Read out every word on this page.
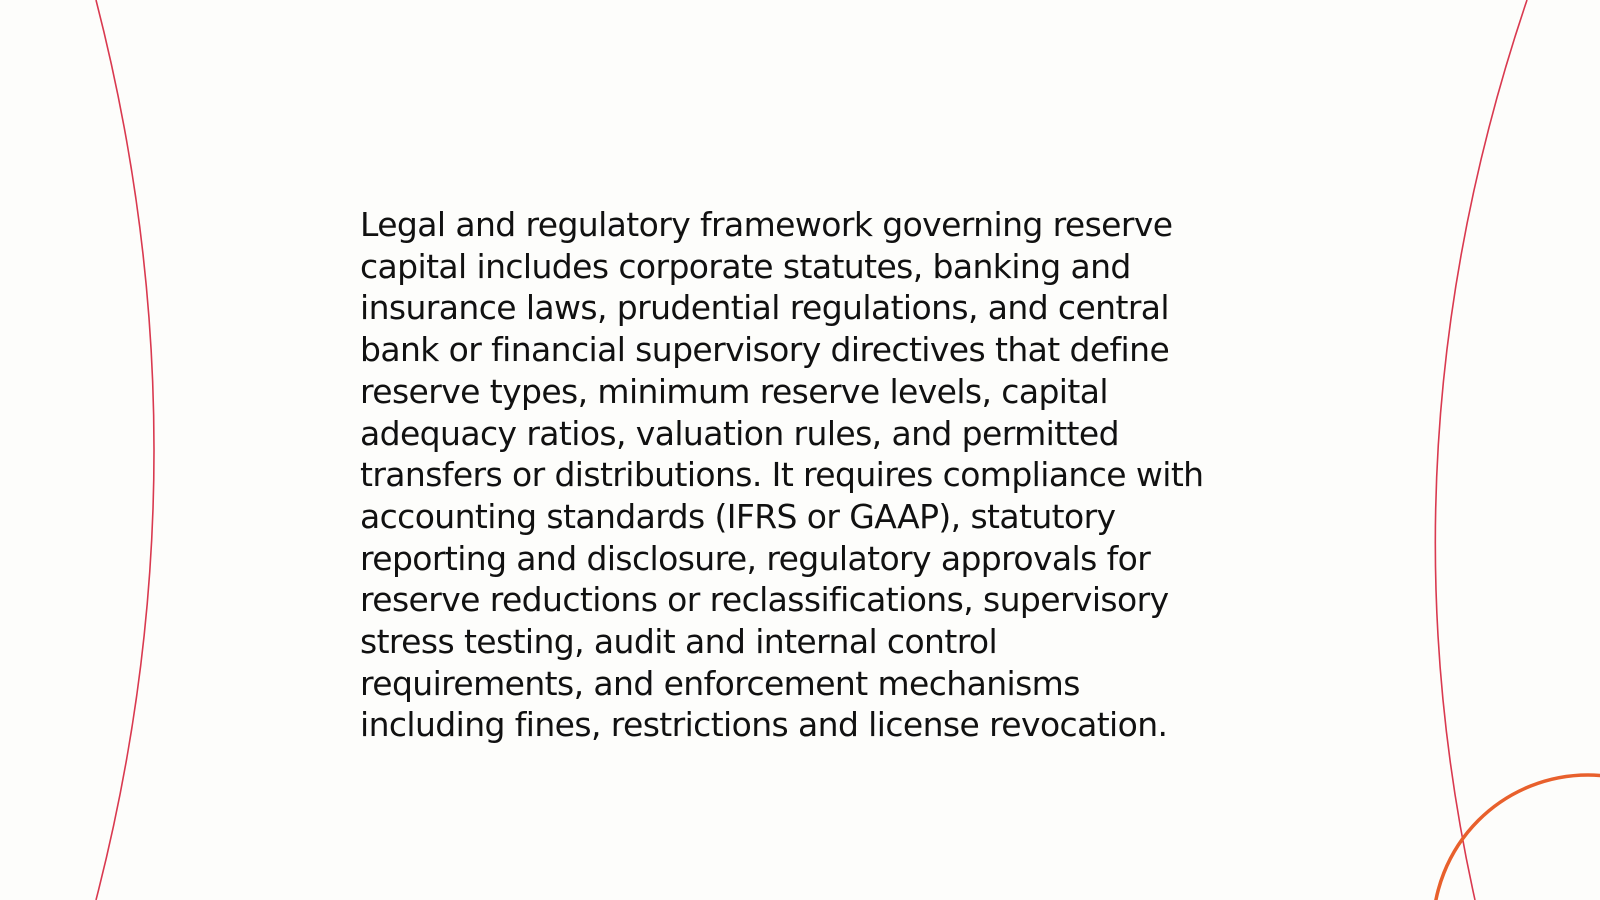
Legal and regulatory framework governing reserve
capital includes corporate statutes, banking and
insurance laws, prudential regulations, and central
bank or financial supervisory directives that define
reserve types, minimum reserve levels, capital
adequacy ratios, valuation rules, and permitted
transfers or distributions. It requires compliance with
accounting standards (IFRS or GAAP), statutory
reporting and disclosure, regulatory approvals for
reserve reductions or reclassifications, supervisory
stress testing, audit and internal control
requirements, and enforcement mechanisms
including fines, restrictions and license revocation.
